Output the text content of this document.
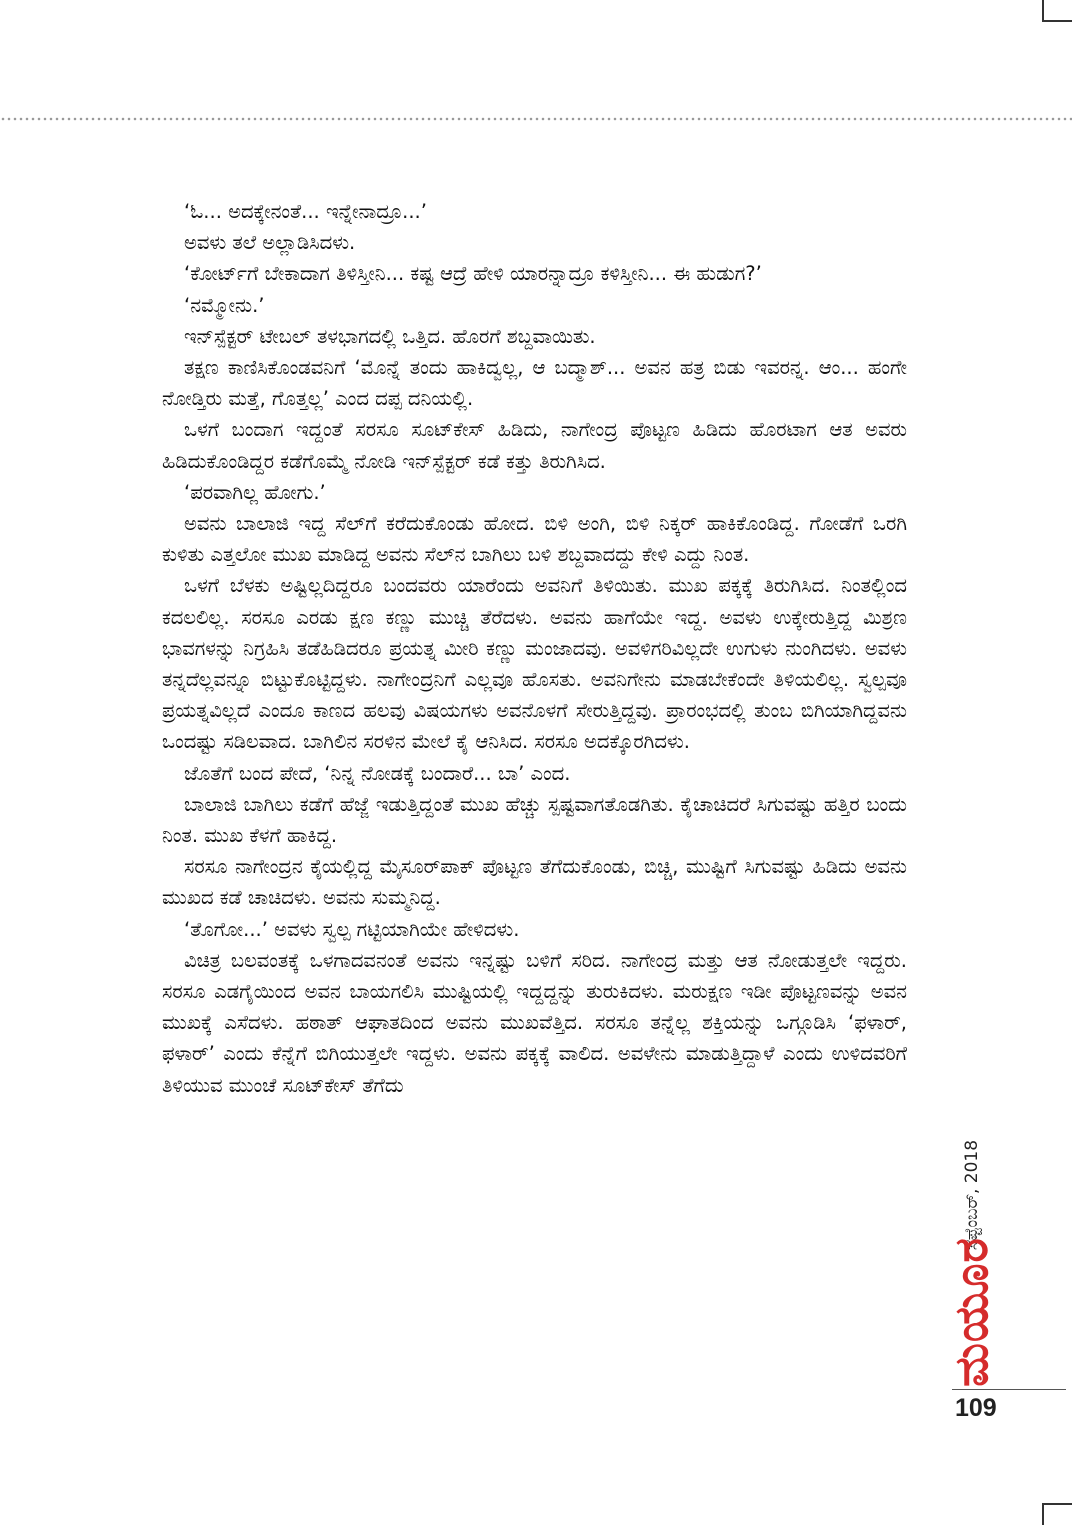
‘ಓ... ಅದಕ್ಕೇನಂತೆ... ಇನ್ನೇನಾದ್ರೂ...’

ಅವಳು ತಲೆ ಅಲ್ಲಾಡಿಸಿದಳು.

‘ಕೋರ್ಟ್‌ಗೆ ಬೇಕಾದಾಗ ತಿಳಿಸ್ತೀನಿ... ಕಷ್ಟ ಆದ್ರೆ ಹೇಳಿ ಯಾರನ್ನಾದ್ರೂ ಕಳಿಸ್ತೀನಿ... ಈ ಹುಡುಗ?’

‘ನಮ್ಮೋನು.’

ಇನ್‌ಸ್ಪೆಕ್ಟರ್ ಟೇಬಲ್ ತಳಭಾಗದಲ್ಲಿ ಒತ್ತಿದ. ಹೊರಗೆ ಶಬ್ದವಾಯಿತು.

ತಕ್ಷಣ ಕಾಣಿಸಿಕೊಂಡವನಿಗೆ ‘ಮೊನ್ನೆ ತಂದು ಹಾಕಿದ್ವಲ್ಲ, ಆ ಬದ್ಮಾಶ್... ಅವನ ಹತ್ರ ಬಿಡು ಇವರನ್ನ. ಆಂ... ಹಂಗೇ ನೋಡ್ತಿರು ಮತ್ತೆ, ಗೊತ್ತಲ್ಲ’ ಎಂದ ದಪ್ಪ ದನಿಯಲ್ಲಿ.

ಒಳಗೆ ಬಂದಾಗ ಇದ್ದಂತೆ ಸರಸೂ ಸೂಟ್‌ಕೇಸ್ ಹಿಡಿದು, ನಾಗೇಂದ್ರ ಪೊಟ್ಟಣ ಹಿಡಿದು ಹೊರಟಾಗ ಆತ ಅವರು ಹಿಡಿದುಕೊಂಡಿದ್ದರ ಕಡೆಗೊಮ್ಮೆ ನೋಡಿ ಇನ್‌ಸ್ಪೆಕ್ಟರ್ ಕಡೆ ಕತ್ತು ತಿರುಗಿಸಿದ.

‘ಪರವಾಗಿಲ್ಲ ಹೋಗು.’

ಅವನು ಬಾಲಾಜಿ ಇದ್ದ ಸೆಲ್‌ಗೆ ಕರೆದುಕೊಂಡು ಹೋದ. ಬಿಳಿ ಅಂಗಿ, ಬಿಳಿ ನಿಕ್ಕರ್ ಹಾಕಿಕೊಂಡಿದ್ದ. ಗೋಡೆಗೆ ಒರಗಿ ಕುಳಿತು ಎತ್ತಲೋ ಮುಖ ಮಾಡಿದ್ದ ಅವನು ಸೆಲ್‌ನ ಬಾಗಿಲು ಬಳಿ ಶಬ್ದವಾದದ್ದು ಕೇಳಿ ಎದ್ದು ನಿಂತ.

ಒಳಗೆ ಬೆಳಕು ಅಷ್ಟಿಲ್ಲದಿದ್ದರೂ ಬಂದವರು ಯಾರೆಂದು ಅವನಿಗೆ ತಿಳಿಯಿತು. ಮುಖ ಪಕ್ಕಕ್ಕೆ ತಿರುಗಿಸಿದ. ನಿಂತಲ್ಲಿಂದ ಕದಲಲಿಲ್ಲ. ಸರಸೂ ಎರಡು ಕ್ಷಣ ಕಣ್ಣು ಮುಚ್ಚಿ ತೆರೆದಳು. ಅವನು ಹಾಗೆಯೇ ಇದ್ದ. ಅವಳು ಉಕ್ಕೇರುತ್ತಿದ್ದ ಮಿಶ್ರಣ ಭಾವಗಳನ್ನು ನಿಗ್ರಹಿಸಿ ತಡೆಹಿಡಿದರೂ ಪ್ರಯತ್ನ ಮೀರಿ ಕಣ್ಣು ಮಂಜಾದವು. ಅವಳಿಗರಿವಿಲ್ಲದೇ ಉಗುಳು ನುಂಗಿದಳು. ಅವಳು ತನ್ನದೆಲ್ಲವನ್ನೂ ಬಿಟ್ಟುಕೊಟ್ಟಿದ್ದಳು. ನಾಗೇಂದ್ರನಿಗೆ ಎಲ್ಲವೂ ಹೊಸತು. ಅವನಿಗೇನು ಮಾಡಬೇಕೆಂದೇ ತಿಳಿಯಲಿಲ್ಲ. ಸ್ವಲ್ಪವೂ ಪ್ರಯತ್ನವಿಲ್ಲದೆ ಎಂದೂ ಕಾಣದ ಹಲವು ವಿಷಯಗಳು ಅವನೊಳಗೆ ಸೇರುತ್ತಿದ್ದವು. ಪ್ರಾರಂಭದಲ್ಲಿ ತುಂಬ ಬಿಗಿಯಾಗಿದ್ದವನು ಒಂದಷ್ಟು ಸಡಿಲವಾದ. ಬಾಗಿಲಿನ ಸರಳಿನ ಮೇಲೆ ಕೈ ಆನಿಸಿದ. ಸರಸೂ ಅದಕ್ಕೊರಗಿದಳು.

ಜೊತೆಗೆ ಬಂದ ಪೇದೆ, ‘ನಿನ್ನ ನೋಡಕ್ಕೆ ಬಂದಾರೆ... ಬಾ’ ಎಂದ.

ಬಾಲಾಜಿ ಬಾಗಿಲು ಕಡೆಗೆ ಹೆಜ್ಜೆ ಇಡುತ್ತಿದ್ದಂತೆ ಮುಖ ಹೆಚ್ಚು ಸ್ಪಷ್ಟವಾಗತೊಡಗಿತು. ಕೈಚಾಚಿದರೆ ಸಿಗುವಷ್ಟು ಹತ್ತಿರ ಬಂದು ನಿಂತ. ಮುಖ ಕೆಳಗೆ ಹಾಕಿದ್ದ.

ಸರಸೂ ನಾಗೇಂದ್ರನ ಕೈಯಲ್ಲಿದ್ದ ಮೈಸೂರ್‌ಪಾಕ್ ಪೊಟ್ಟಣ ತೆಗೆದುಕೊಂಡು, ಬಿಚ್ಚಿ, ಮುಷ್ಟಿಗೆ ಸಿಗುವಷ್ಟು ಹಿಡಿದು ಅವನು ಮುಖದ ಕಡೆ ಚಾಚಿದಳು. ಅವನು ಸುಮ್ಮನಿದ್ದ.

‘ತೊಗೋ...’ ಅವಳು ಸ್ವಲ್ಪ ಗಟ್ಟಿಯಾಗಿಯೇ ಹೇಳಿದಳು.

ವಿಚಿತ್ರ ಬಲವಂತಕ್ಕೆ ಒಳಗಾದವನಂತೆ ಅವನು ಇನ್ನಷ್ಟು ಬಳಿಗೆ ಸರಿದ. ನಾಗೇಂದ್ರ ಮತ್ತು ಆತ ನೋಡುತ್ತಲೇ ಇದ್ದರು. ಸರಸೂ ಎಡಗೈಯಿಂದ ಅವನ ಬಾಯಗಲಿಸಿ ಮುಷ್ಟಿಯಲ್ಲಿ ಇದ್ದದ್ದನ್ನು ತುರುಕಿದಳು. ಮರುಕ್ಷಣ ಇಡೀ ಪೊಟ್ಟಣವನ್ನು ಅವನ ಮುಖಕ್ಕೆ ಎಸೆದಳು. ಹಠಾತ್ ಆಘಾತದಿಂದ ಅವನು ಮುಖವೆತ್ತಿದ. ಸರಸೂ ತನ್ನೆಲ್ಲ ಶಕ್ತಿಯನ್ನು ಒಗ್ಗೂಡಿಸಿ ‘ಫಳಾರ್, ಫಳಾರ್’ ಎಂದು ಕೆನ್ನೆಗೆ ಬಿಗಿಯುತ್ತಲೇ ಇದ್ದಳು. ಅವನು ಪಕ್ಕಕ್ಕೆ ವಾಲಿದ. ಅವಳೇನು ಮಾಡುತ್ತಿದ್ದಾಳೆ ಎಂದು ಉಳಿದವರಿಗೆ ತಿಳಿಯುವ ಮುಂಚೆ ಸೂಟ್‌ಕೇಸ್ ತೆಗೆದು

ಸೆಪ್ಟೆಂಬರ್, 2018
ಮಯೂರ
109
